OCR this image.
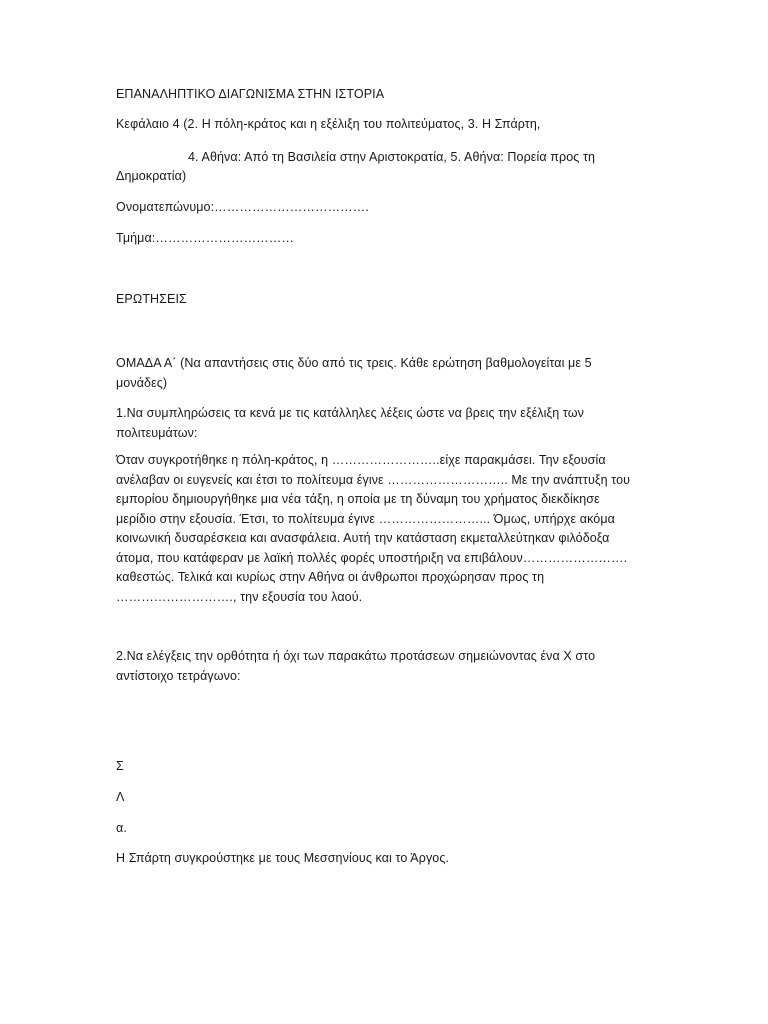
ΕΠΑΝΑΛΗΠΤΙΚΟ ΔΙΑΓΩΝΙΣΜΑ ΣΤΗΝ ΙΣΤΟΡΙΑ
Κεφάλαιο 4 (2. Η πόλη-κράτος και η εξέλιξη του πολιτεύματος, 3. Η Σπάρτη,
4. Αθήνα: Από τη Βασιλεία στην Αριστοκρατία, 5. Αθήνα: Πορεία προς τη
Δημοκρατία)
Ονοματεπώνυμο:……………………………….
Τμήμα:……………………………
ΕΡΩΤΗΣΕΙΣ
ΟΜΑΔΑ Α΄ (Να απαντήσεις στις δύο από τις τρεις. Κάθε ερώτηση βαθμολογείται με 5
μονάδες)
1.Να συμπληρώσεις τα κενά με τις κατάλληλες λέξεις ώστε να βρεις την εξέλιξη των
πολιτευμάτων:
Όταν συγκροτήθηκε η πόλη-κράτος, η ……………………..είχε παρακμάσει. Την εξουσία
ανέλαβαν οι ευγενείς και έτσι το πολίτευμα έγινε ……………………….. Με την ανάπτυξη του
εμπορίου δημιουργήθηκε μια νέα τάξη, η οποία με τη δύναμη του χρήματος διεκδίκησε
μερίδιο στην εξουσία. Έτσι, το πολίτευμα έγινε ……………………... Όμως, υπήρχε ακόμα
κοινωνική δυσαρέσκεια και ανασφάλεια. Αυτή την κατάσταση εκμεταλλεύτηκαν φιλόδοξα
άτομα, που κατάφεραν με λαϊκή πολλές φορές υποστήριξη να επιβάλουν…………………….
καθεστώς. Τελικά και κυρίως στην Αθήνα οι άνθρωποι προχώρησαν προς τη
………………………., την εξουσία του λαού.
2.Να ελέγξεις την ορθότητα ή όχι των παρακάτω προτάσεων σημειώνοντας ένα Χ στο
αντίστοιχο τετράγωνο:
Σ
Λ
α.
Η Σπάρτη συγκρούστηκε με τους Μεσσηνίους και το Άργος.
